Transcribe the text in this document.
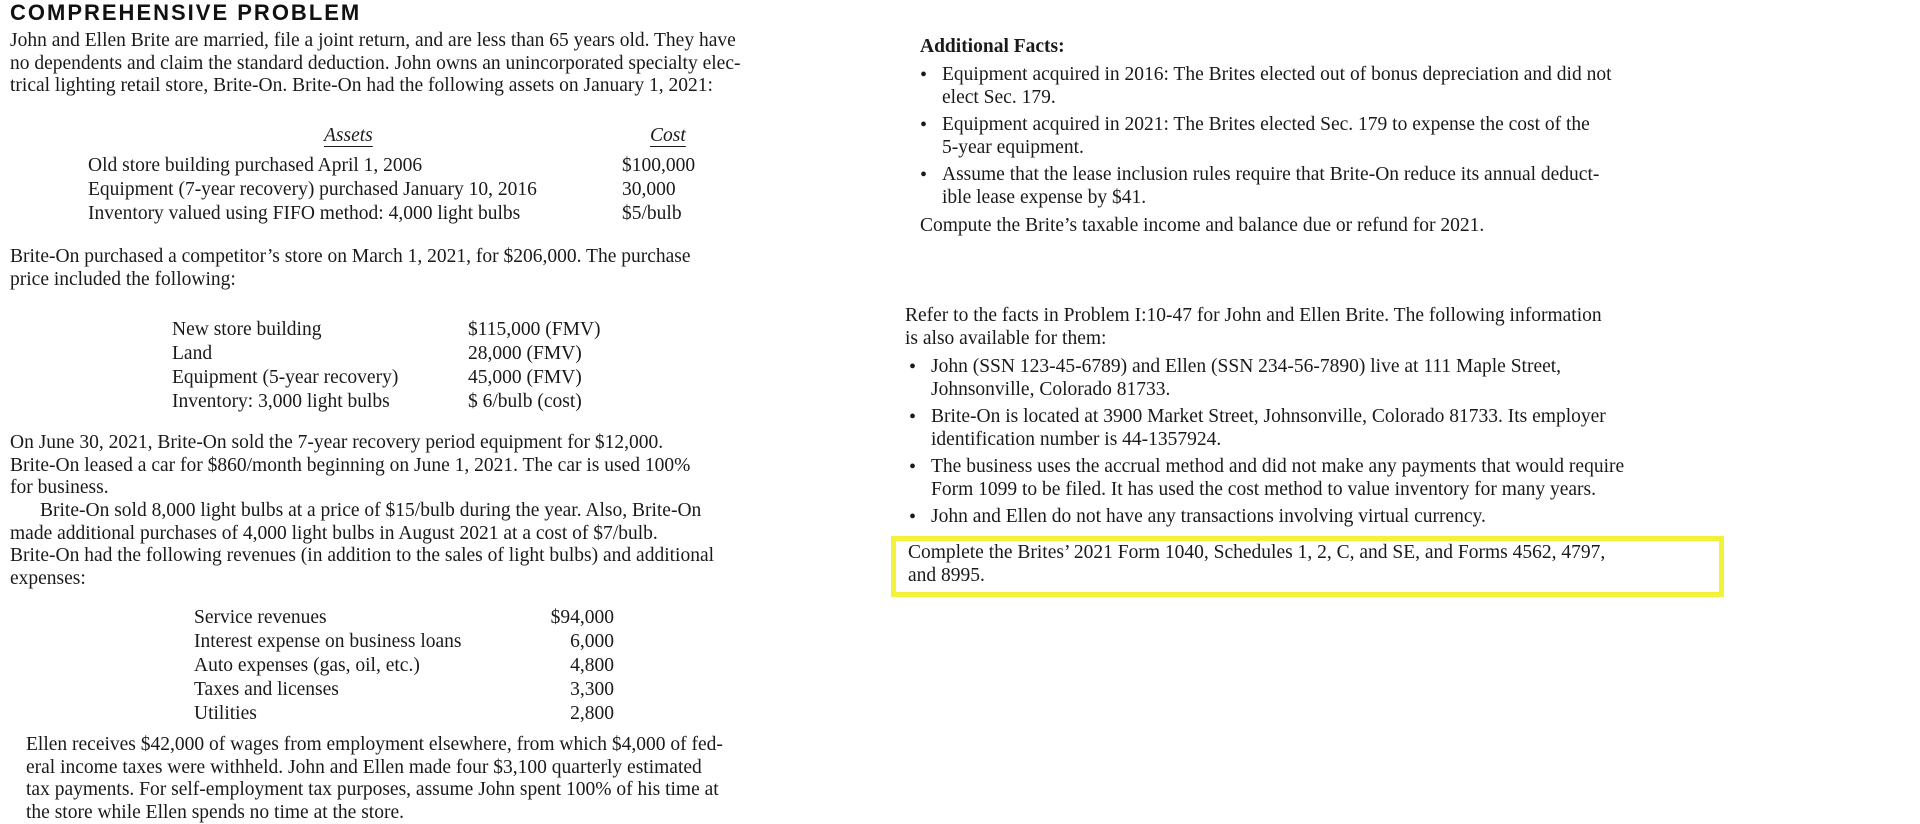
COMPREHENSIVE PROBLEM

John and Ellen Brite are married, file a joint return, and are less than 65 years old. They have
no dependents and claim the standard deduction. John owns an unincorporated specialty elec-
trical lighting retail store, Brite-On. Brite-On had the following assets on January 1, 2021:

Assets	Cost
Old store building purchased April 1, 2006	$100,000
Equipment (7-year recovery) purchased January 10, 2016	30,000
Inventory valued using FIFO method: 4,000 light bulbs	$5/bulb

Brite-On purchased a competitor’s store on March 1, 2021, for $206,000. The purchase
price included the following:

New store building	$115,000 (FMV)
Land	28,000 (FMV)
Equipment (5-year recovery)	45,000 (FMV)
Inventory: 3,000 light bulbs	$ 6/bulb (cost)

On June 30, 2021, Brite-On sold the 7-year recovery period equipment for $12,000.
Brite-On leased a car for $860/month beginning on June 1, 2021. The car is used 100%
for business.

Brite-On sold 8,000 light bulbs at a price of $15/bulb during the year. Also, Brite-On
made additional purchases of 4,000 light bulbs in August 2021 at a cost of $7/bulb.
Brite-On had the following revenues (in addition to the sales of light bulbs) and additional
expenses:

Service revenues	$94,000
Interest expense on business loans	6,000
Auto expenses (gas, oil, etc.)	4,800
Taxes and licenses	3,300
Utilities	2,800

Ellen receives $42,000 of wages from employment elsewhere, from which $4,000 of fed-
eral income taxes were withheld. John and Ellen made four $3,100 quarterly estimated
tax payments. For self-employment tax purposes, assume John spent 100% of his time at
the store while Ellen spends no time at the store.

Additional Facts:
• Equipment acquired in 2016: The Brites elected out of bonus depreciation and did not
elect Sec. 179.
• Equipment acquired in 2021: The Brites elected Sec. 179 to expense the cost of the
5-year equipment.
• Assume that the lease inclusion rules require that Brite-On reduce its annual deduct-
ible lease expense by $41.
Compute the Brite’s taxable income and balance due or refund for 2021.

Refer to the facts in Problem I:10-47 for John and Ellen Brite. The following information
is also available for them:

• John (SSN 123-45-6789) and Ellen (SSN 234-56-7890) live at 111 Maple Street,
Johnsonville, Colorado 81733.
• Brite-On is located at 3900 Market Street, Johnsonville, Colorado 81733. Its employer
identification number is 44-1357924.
• The business uses the accrual method and did not make any payments that would require
Form 1099 to be filed. It has used the cost method to value inventory for many years.
• John and Ellen do not have any transactions involving virtual currency.

Complete the Brites’ 2021 Form 1040, Schedules 1, 2, C, and SE, and Forms 4562, 4797,
and 8995.
